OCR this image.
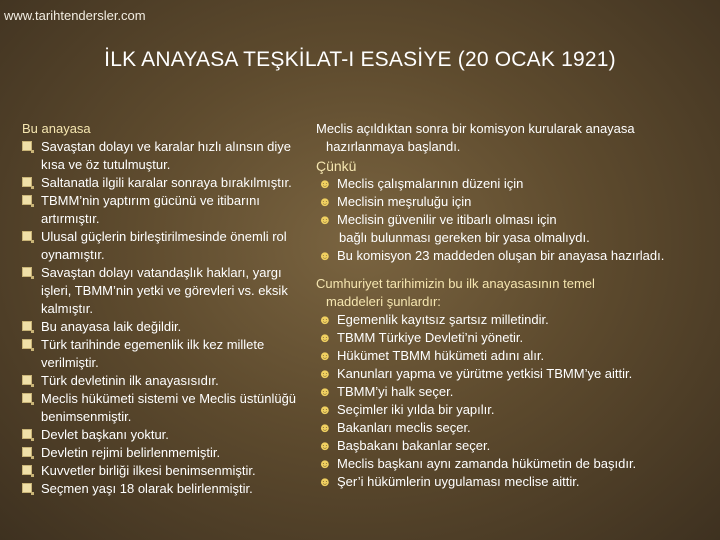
www.tarihtendersler.com
İLK ANAYASA TEŞKİLAT-I ESASİYE (20 OCAK 1921)
Bu anayasa
Savaştan dolayı ve karalar hızlı alınsın diye kısa ve öz tutulmuştur.
Saltanatla ilgili karalar sonraya bırakılmıştır.
TBMM’nin yaptırım gücünü ve itibarını artırmıştır.
Ulusal güçlerin birleştirilmesinde önemli rol oynamıştır.
Savaştan dolayı vatandaşlık hakları, yargı işleri, TBMM’nin yetki ve görevleri vs. eksik kalmıştır.
Bu anayasa laik değildir.
Türk tarihinde egemenlik ilk kez millete verilmiştir.
Türk devletinin ilk anayasısıdır.
Meclis hükümeti sistemi ve Meclis üstünlüğü benimsenmiştir.
Devlet başkanı yoktur.
Devletin rejimi belirlenmemiştir.
Kuvvetler birliği ilkesi benimsenmiştir.
Seçmen yaşı 18 olarak belirlenmiştir.
Meclis açıldıktan sonra bir komisyon kurularak anayasa
hazırlanmaya başlandı.
Çünkü
☻ Meclis çalışmalarının düzeni için
☻ Meclisin meşruluğu için
☻ Meclisin güvenilir ve itibarlı olması için
bağlı bulunması gereken bir yasa olmalıydı.
☻ Bu komisyon 23 maddeden oluşan bir anayasa hazırladı.
Cumhuriyet tarihimizin bu ilk anayasasının temel
maddeleri şunlardır:
☻ Egemenlik kayıtsız şartsız milletindir.
☻ TBMM Türkiye Devleti’ni yönetir.
☻ Hükümet TBMM hükümeti adını alır.
☻ Kanunları yapma ve yürütme yetkisi TBMM’ye aittir.
☻ TBMM’yi halk seçer.
☻ Seçimler iki yılda bir yapılır.
☻ Bakanları meclis seçer.
☻ Başbakanı bakanlar seçer.
☻ Meclis başkanı aynı zamanda hükümetin de başıdır.
☻ Şer’i hükümlerin uygulaması meclise aittir.
